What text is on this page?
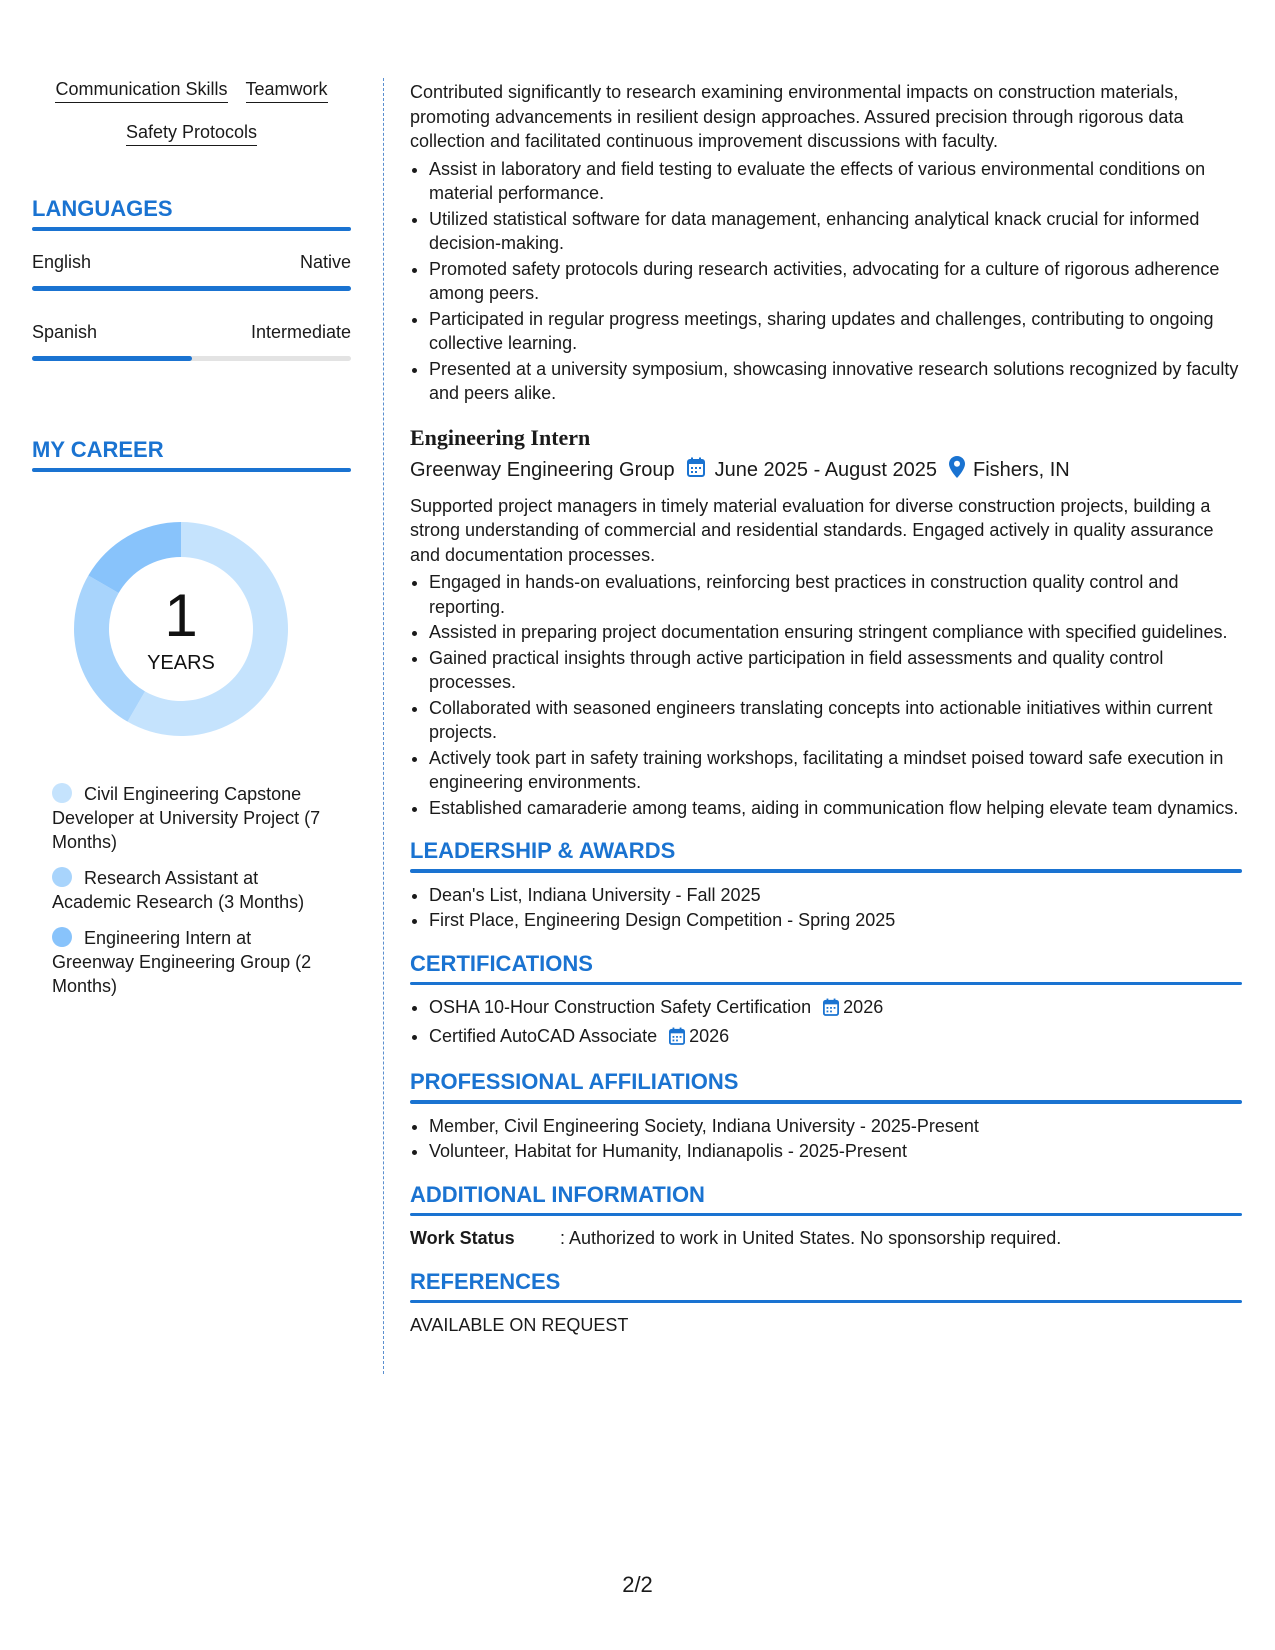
Communication Skills Teamwork
Safety Protocols
LANGUAGES
English	Native
Spanish	Intermediate
MY CAREER
1
YEARS
Civil Engineering Capstone Developer at University Project (7 Months)
Research Assistant at Academic Research (3 Months)
Engineering Intern at Greenway Engineering Group (2 Months)

Contributed significantly to research examining environmental impacts on construction materials, promoting advancements in resilient design approaches. Assured precision through rigorous data collection and facilitated continuous improvement discussions with faculty.

• Assist in laboratory and field testing to evaluate the effects of various environmental conditions on material performance.
• Utilized statistical software for data management, enhancing analytical knack crucial for informed decision-making.
• Promoted safety protocols during research activities, advocating for a culture of rigorous adherence among peers.
• Participated in regular progress meetings, sharing updates and challenges, contributing to ongoing collective learning.
• Presented at a university symposium, showcasing innovative research solutions recognized by faculty and peers alike.
Engineering Intern
Greenway Engineering Group June 2025 - August 2025 Fishers, IN

Supported project managers in timely material evaluation for diverse construction projects, building a strong understanding of commercial and residential standards. Engaged actively in quality assurance and documentation processes.

• Engaged in hands-on evaluations, reinforcing best practices in construction quality control and reporting.
• Assisted in preparing project documentation ensuring stringent compliance with specified guidelines.
• Gained practical insights through active participation in field assessments and quality control processes.
• Collaborated with seasoned engineers translating concepts into actionable initiatives within current projects.
• Actively took part in safety training workshops, facilitating a mindset poised toward safe execution in engineering environments.
• Established camaraderie among teams, aiding in communication flow helping elevate team dynamics.
LEADERSHIP & AWARDS
• Dean's List, Indiana University - Fall 2025
• First Place, Engineering Design Competition - Spring 2025
CERTIFICATIONS
• OSHA 10-Hour Construction Safety Certification 2026
• Certified AutoCAD Associate 2026
PROFESSIONAL AFFILIATIONS
• Member, Civil Engineering Society, Indiana University - 2025-Present
• Volunteer, Habitat for Humanity, Indianapolis - 2025-Present
ADDITIONAL INFORMATION
Work Status	: Authorized to work in United States. No sponsorship required.
REFERENCES

AVAILABLE ON REQUEST

2/2
